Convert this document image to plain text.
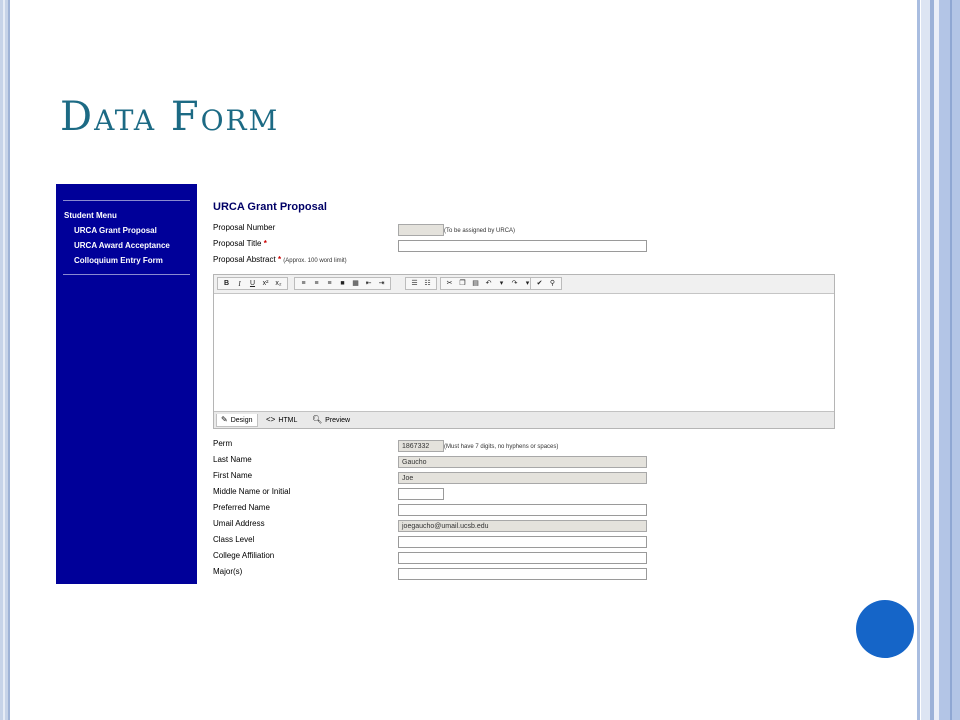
Data Form
Student Menu
URCA Grant Proposal
URCA Award Acceptance
Colloquium Entry Form
URCA Grant Proposal
Proposal Number	(To be assigned by URCA)
Proposal Title *
Proposal Abstract * (Approx. 100 word limit)
B	I	U	x² x₂	≡	≡	≡	■	▦ ⇤	⇥	☰ ☷	✂ ❐ ▤ ↶	▾	↷	▾	✔	⚲
✎ Design	<> HTML	🔍︎ Preview
Perm	1867332	(Must have 7 digits, no hyphens or spaces)
Last Name	Gaucho
First Name	Joe
Middle Name or Initial
Preferred Name
Umail Address	joegaucho@umail.ucsb.edu
Class Level
College Affiliation
Major(s)
